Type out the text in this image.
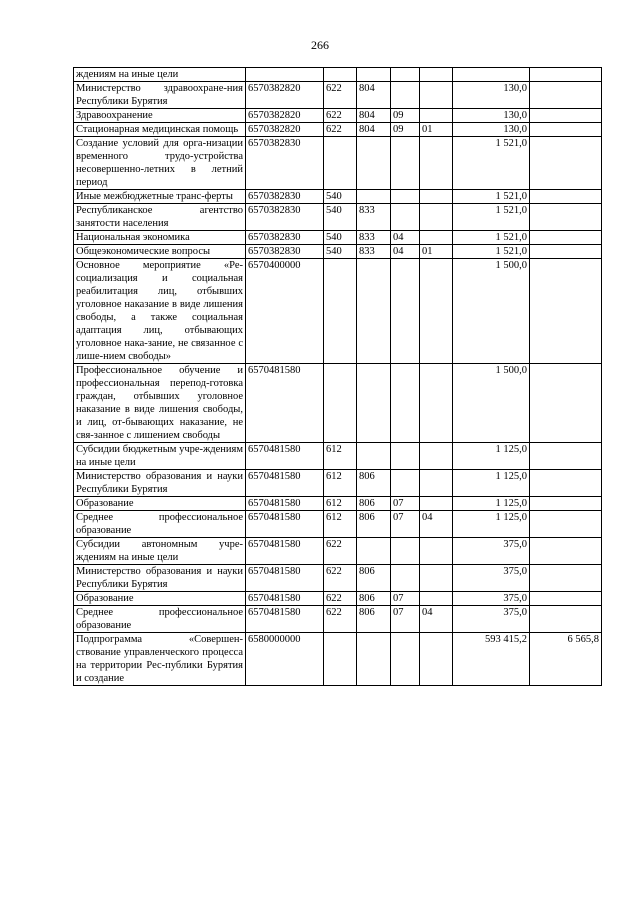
266
ждениям на иные цели							
Министерство здравоохране-ния Республики Бурятия	6570382820	622	804			130,0	
Здравоохранение	6570382820	622	804	09		130,0	
Стационарная медицинская помощь	6570382820	622	804	09	01	130,0	
Создание условий для орга-низации временного трудо-устройства несовершенно-летних в летний период	6570382830					1 521,0	
Иные межбюджетные транс-ферты	6570382830	540				1 521,0	
Республиканское агентство занятости населения	6570382830	540	833			1 521,0	
Национальная экономика	6570382830	540	833	04		1 521,0	
Общеэкономические вопросы	6570382830	540	833	04	01	1 521,0	
Основное мероприятие «Ре-социализация и социальная реабилитация лиц, отбывших уголовное наказание в виде лишения свободы, а также социальная адаптация лиц, отбывающих уголовное нака-зание, не связанное с лише-нием свободы»	6570400000					1 500,0	
Профессиональное обучение и профессиональная перепод-готовка граждан, отбывших уголовное наказание в виде лишения свободы, и лиц, от-бывающих наказание, не свя-занное с лишением свободы	6570481580					1 500,0	
Субсидии бюджетным учре-ждениям на иные цели	6570481580	612				1 125,0	
Министерство образования и науки Республики Бурятия	6570481580	612	806			1 125,0	
Образование	6570481580	612	806	07		1 125,0	
Среднее профессиональное образование	6570481580	612	806	07	04	1 125,0	
Субсидии автономным учре-ждениям на иные цели	6570481580	622				375,0	
Министерство образования и науки Республики Бурятия	6570481580	622	806			375,0	
Образование	6570481580	622	806	07		375,0	
Среднее профессиональное образование	6570481580	622	806	07	04	375,0	
Подпрограмма «Совершен-ствование управленческого процесса на территории Рес-публики Бурятия и создание	6580000000					593 415,2	6 565,8
